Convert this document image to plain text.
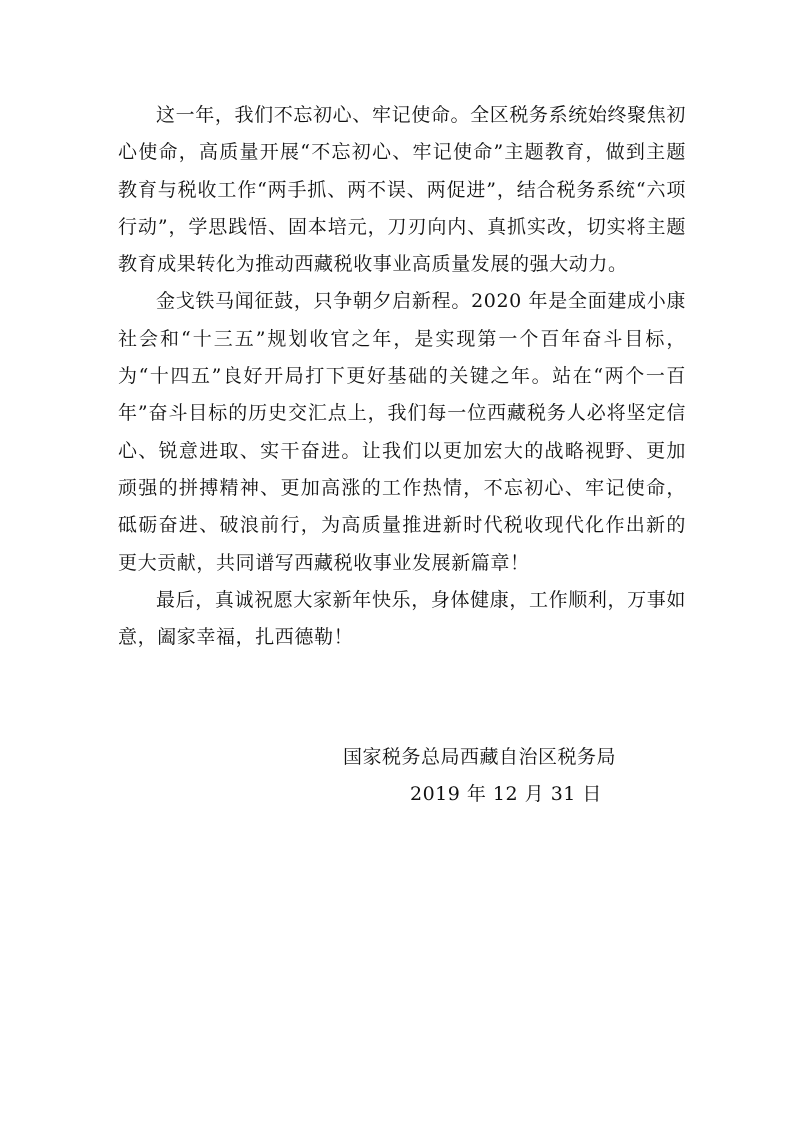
这一年，我们不忘初心、牢记使命。全区税务系统始终聚焦初心使命，高质量开展“不忘初心、牢记使命”主题教育，做到主题教育与税收工作“两手抓、两不误、两促进”，结合税务系统“六项行动”，学思践悟、固本培元，刀刃向内、真抓实改，切实将主题教育成果转化为推动西藏税收事业高质量发展的强大动力。

金戈铁马闻征鼓，只争朝夕启新程。2020 年是全面建成小康社会和“十三五”规划收官之年，是实现第一个百年奋斗目标，为“十四五”良好开局打下更好基础的关键之年。站在“两个一百年”奋斗目标的历史交汇点上，我们每一位西藏税务人必将坚定信心、锐意进取、实干奋进。让我们以更加宏大的战略视野、更加顽强的拼搏精神、更加高涨的工作热情，不忘初心、牢记使命，砥砺奋进、破浪前行，为高质量推进新时代税收现代化作出新的更大贡献，共同谱写西藏税收事业发展新篇章！

最后，真诚祝愿大家新年快乐，身体健康，工作顺利，万事如意，阖家幸福，扎西德勒！

国家税务总局西藏自治区税务局
2019 年 12 月 31 日
